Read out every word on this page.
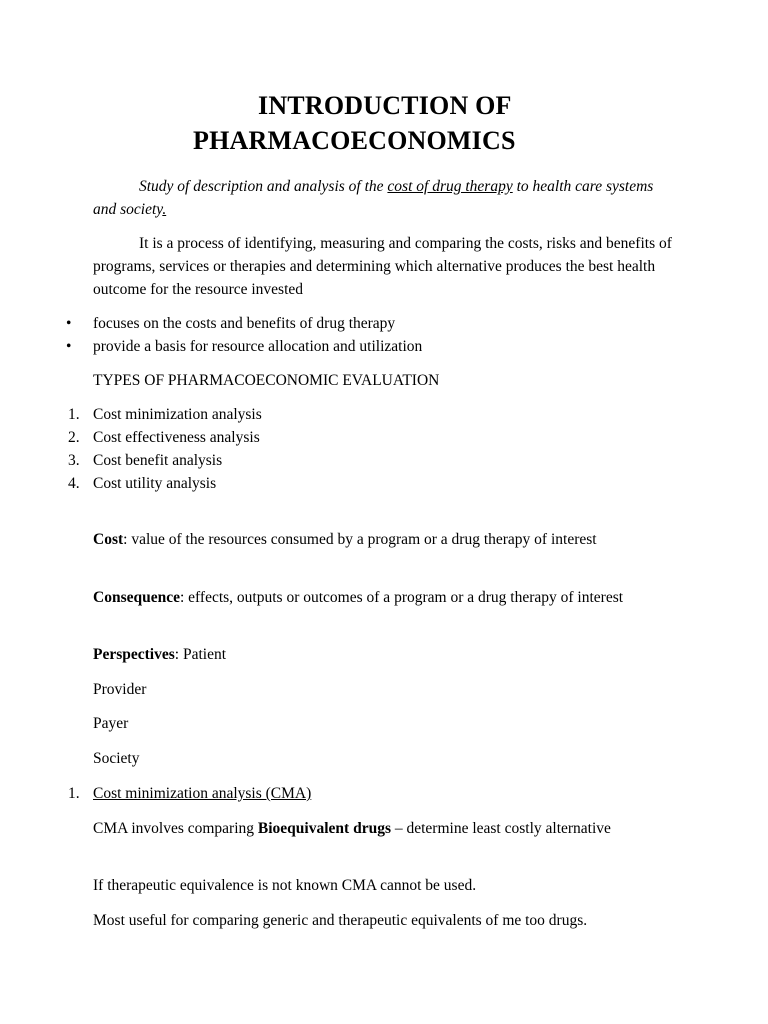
INTRODUCTION OF
PHARMACOECONOMICS

Study of description and analysis of the cost of drug therapy to health care systems and society.

It is a process of identifying, measuring and comparing the costs, risks and benefits of programs, services or therapies and determining which alternative produces the best health outcome for the resource invested

• focuses on the costs and benefits of drug therapy
• provide a basis for resource allocation and utilization

TYPES OF PHARMACOECONOMIC EVALUATION

1. Cost minimization analysis
2. Cost effectiveness analysis
3. Cost benefit analysis
4. Cost utility analysis

Cost: value of the resources consumed by a program or a drug therapy of interest

Consequence: effects, outputs or outcomes of a program or a drug therapy of interest

Perspectives: Patient

Provider

Payer

Society

1. Cost minimization analysis (CMA)

CMA involves comparing Bioequivalent drugs – determine least costly alternative

If therapeutic equivalence is not known CMA cannot be used.

Most useful for comparing generic and therapeutic equivalents of me too drugs.
